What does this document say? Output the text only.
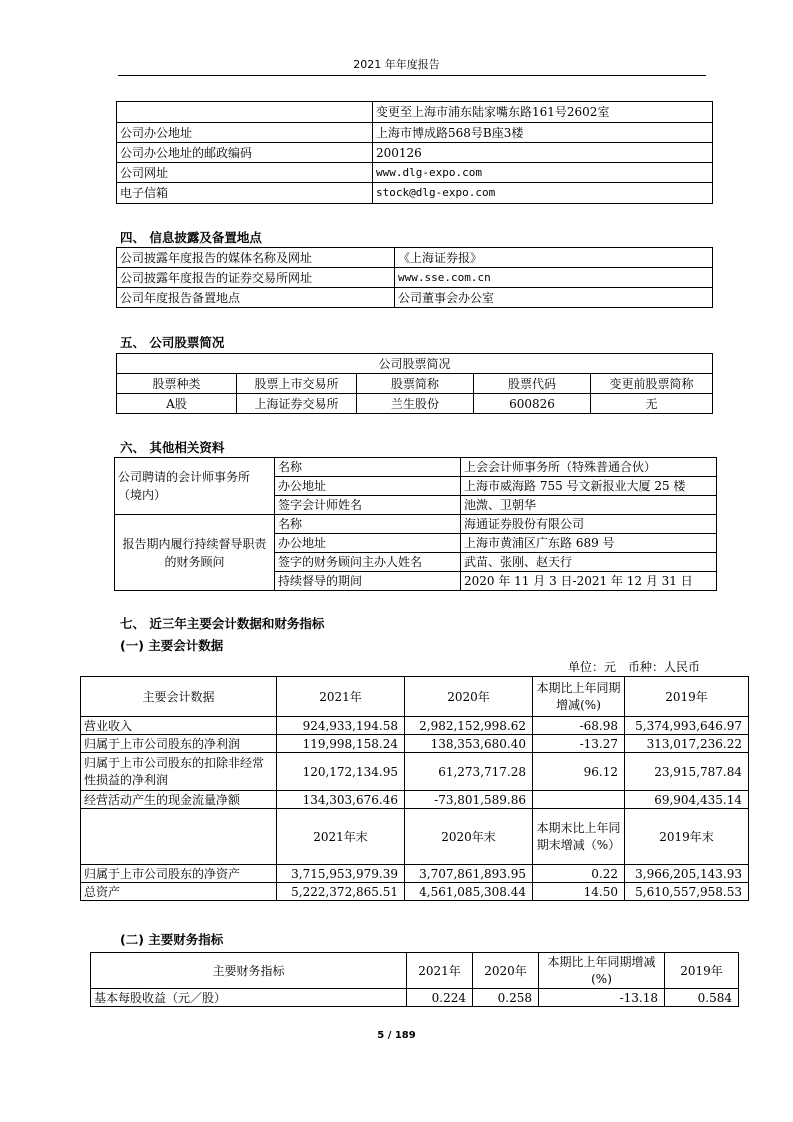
2021 年年度报告
	变更至上海市浦东陆家嘴东路161号2602室
公司办公地址	上海市博成路568号B座3楼
公司办公地址的邮政编码	200126
公司网址	www.dlg-expo.com
电子信箱	stock@dlg-expo.com
四、 信息披露及备置地点
公司披露年度报告的媒体名称及网址	《上海证券报》
公司披露年度报告的证券交易所网址	www.sse.com.cn
公司年度报告备置地点	公司董事会办公室
五、 公司股票简况
公司股票简况				
股票种类	股票上市交易所	股票简称	股票代码	变更前股票简称
A股	上海证券交易所	兰生股份	600826	无
六、 其他相关资料
公司聘请的会计师事务所（境内）	名称	上会会计师事务所（特殊普通合伙）
	办公地址	上海市威海路 755 号文新报业大厦 25 楼
	签字会计师姓名	池溦、卫朝华
报告期内履行持续督导职责的财务顾问	名称	海通证券股份有限公司
	办公地址	上海市黄浦区广东路 689 号
	签字的财务顾问主办人姓名	武苗、张刚、赵天行
	持续督导的期间	2020 年 11 月 3 日-2021 年 12 月 31 日
七、 近三年主要会计数据和财务指标
(一) 主要会计数据
单位：元　币种：人民币
主要会计数据	2021年	2020年	本期比上年同期增减(%)	2019年
营业收入	924,933,194.58	2,982,152,998.62	-68.98	5,374,993,646.97
归属于上市公司股东的净利润	119,998,158.24	138,353,680.40	-13.27	313,017,236.22
归属于上市公司股东的扣除非经常性损益的净利润	120,172,134.95	61,273,717.28	96.12	23,915,787.84
经营活动产生的现金流量净额	134,303,676.46	-73,801,589.86		69,904,435.14
	2021年末	2020年末	本期末比上年同期末增减（%）	2019年末
归属于上市公司股东的净资产	3,715,953,979.39	3,707,861,893.95	0.22	3,966,205,143.93
总资产	5,222,372,865.51	4,561,085,308.44	14.50	5,610,557,958.53
(二) 主要财务指标
主要财务指标	2021年	2020年	本期比上年同期增减(%)	2019年
基本每股收益（元／股）	0.224	0.258	-13.18	0.584
5 / 189
